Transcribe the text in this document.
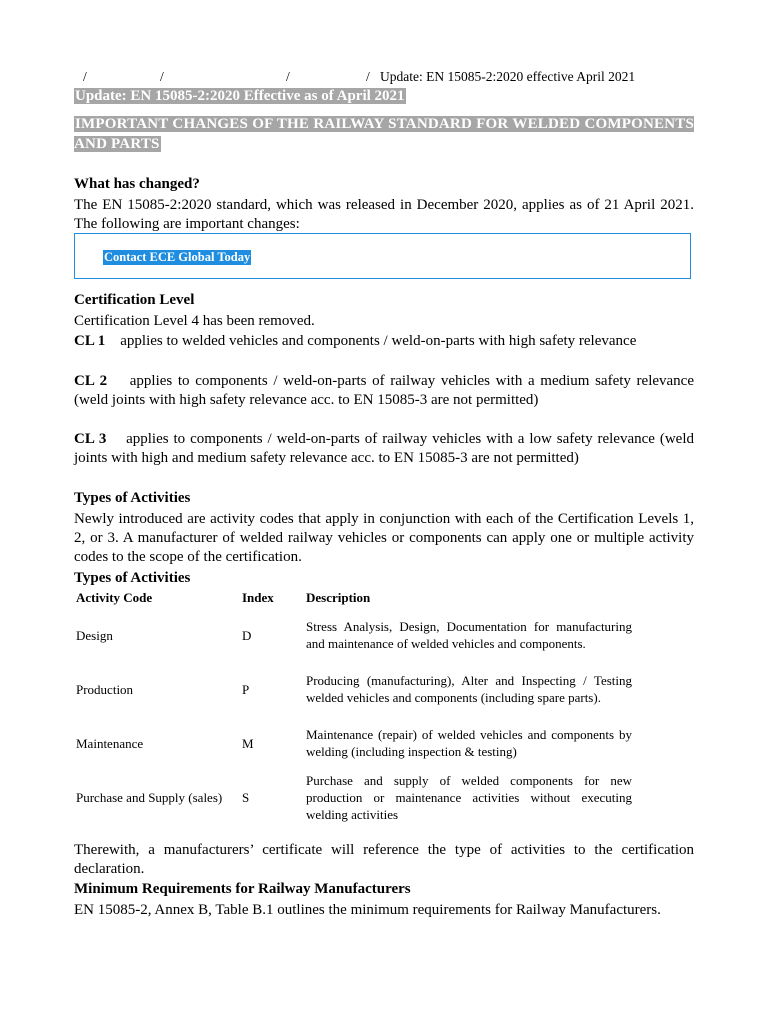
/	/	/	/ Update: EN 15085-2:2020 effective April 2021
Update: EN 15085-2:2020 Effective as of April 2021
IMPORTANT CHANGES OF THE RAILWAY STANDARD FOR WELDED COMPONENTS AND PARTS
What has changed?
The EN 15085-2:2020 standard, which was released in December 2020, applies as of 21 April 2021. The following are important changes:
Contact ECE Global Today
Certification Level
Certification Level 4 has been removed.
CL 1 applies to welded vehicles and components / weld-on-parts with high safety relevance
CL 2 applies to components / weld-on-parts of railway vehicles with a medium safety relevance (weld joints with high safety relevance acc. to EN 15085-3 are not permitted)
CL 3 applies to components / weld-on-parts of railway vehicles with a low safety relevance (weld joints with high and medium safety relevance acc. to EN 15085-3 are not permitted)
Types of Activities
Newly introduced are activity codes that apply in conjunction with each of the Certification Levels 1, 2, or 3. A manufacturer of welded railway vehicles or components can apply one or multiple activity codes to the scope of the certification.
Types of Activities
Activity Code	Index	Description
Design	D	Stress Analysis, Design, Documentation for manufacturing and maintenance of welded vehicles and components.
Production	P	Producing (manufacturing), Alter and Inspecting / Testing welded vehicles and components (including spare parts).
Maintenance	M	Maintenance (repair) of welded vehicles and components by welding (including inspection & testing)
Purchase and Supply (sales)	S	Purchase and supply of welded components for new production or maintenance activities without executing welding activities
Therewith, a manufacturers’ certificate will reference the type of activities to the certification declaration.
Minimum Requirements for Railway Manufacturers
EN 15085-2, Annex B, Table B.1 outlines the minimum requirements for Railway Manufacturers.
